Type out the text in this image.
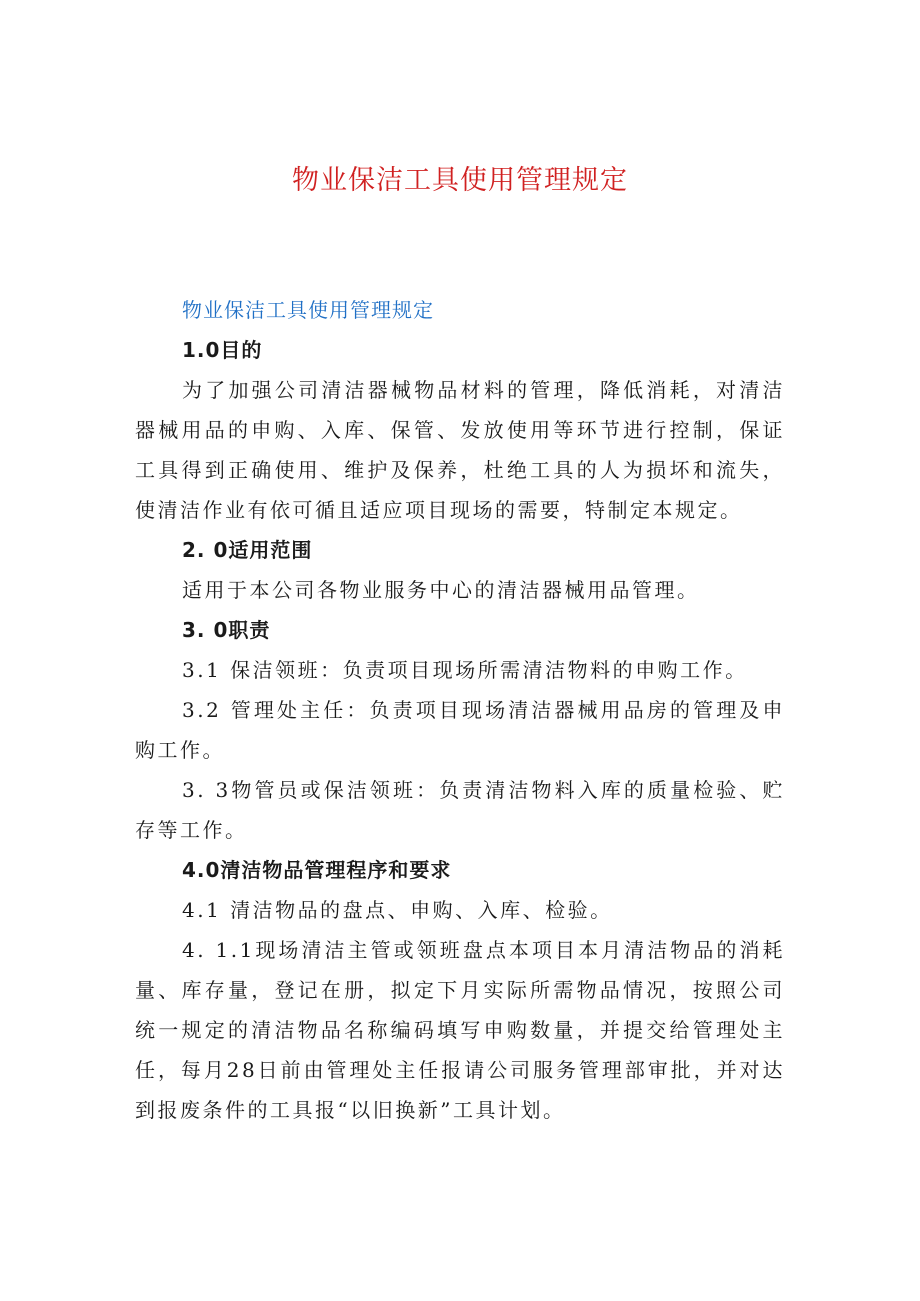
物业保洁工具使用管理规定
物业保洁工具使用管理规定

1.0目的

为了加强公司清洁器械物品材料的管理，降低消耗，对清洁器械用品的申购、入库、保管、发放使用等环节进行控制，保证工具得到正确使用、维护及保养，杜绝工具的人为损坏和流失，使清洁作业有依可循且适应项目现场的需要，特制定本规定。

2. 0适用范围

适用于本公司各物业服务中心的清洁器械用品管理。

3. 0职责

3.1 保洁领班：负责项目现场所需清洁物料的申购工作。

3.2 管理处主任：负责项目现场清洁器械用品房的管理及申购工作。

3. 3物管员或保洁领班：负责清洁物料入库的质量检验、贮存等工作。

4.0清洁物品管理程序和要求

4.1 清洁物品的盘点、申购、入库、检验。

4. 1.1现场清洁主管或领班盘点本项目本月清洁物品的消耗量、库存量，登记在册，拟定下月实际所需物品情况，按照公司统一规定的清洁物品名称编码填写申购数量，并提交给管理处主任，每月28日前由管理处主任报请公司服务管理部审批，并对达到报废条件的工具报“以旧换新”工具计划。
